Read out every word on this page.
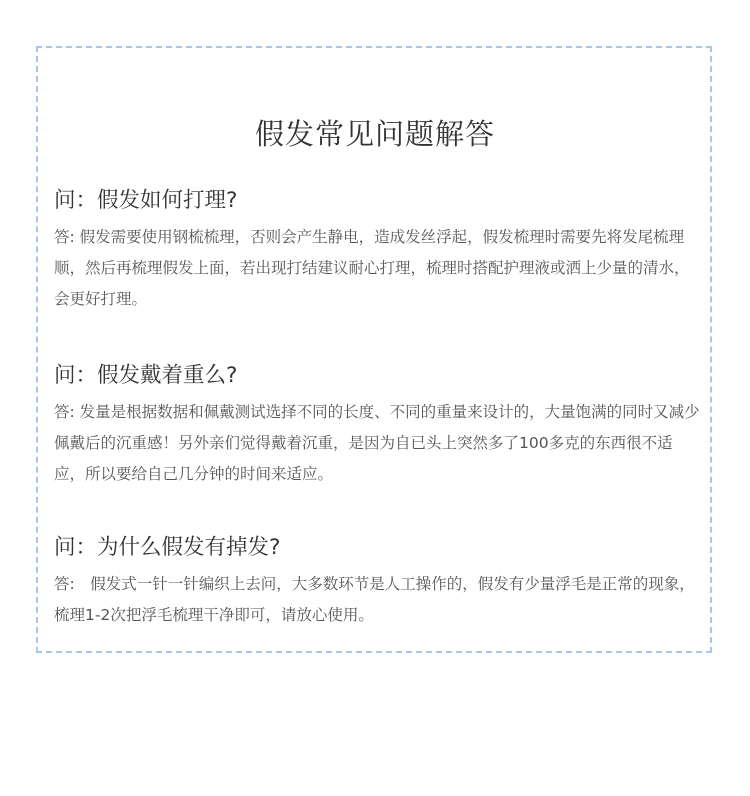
假发常见问题解答
问：假发如何打理?

答: 假发需要使用钢梳梳理，否则会产生静电，造成发丝浮起，假发梳理时需要先将发尾梳理顺，然后再梳理假发上面，若出现打结建议耐心打理，梳理时搭配护理液或洒上少量的清水，会更好打理。

问：假发戴着重么?

答: 发量是根据数据和佩戴测试选择不同的长度、不同的重量来设计的，大量饱满的同时又减少佩戴后的沉重感！另外亲们觉得戴着沉重，是因为自已头上突然多了100多克的东西很不适应，所以要给自己几分钟的时间来适应。

问：为什么假发有掉发?

答:　假发式一针一针编织上去问，大多数环节是人工操作的，假发有少量浮毛是正常的现象，梳理1-2次把浮毛梳理干净即可，请放心使用。
